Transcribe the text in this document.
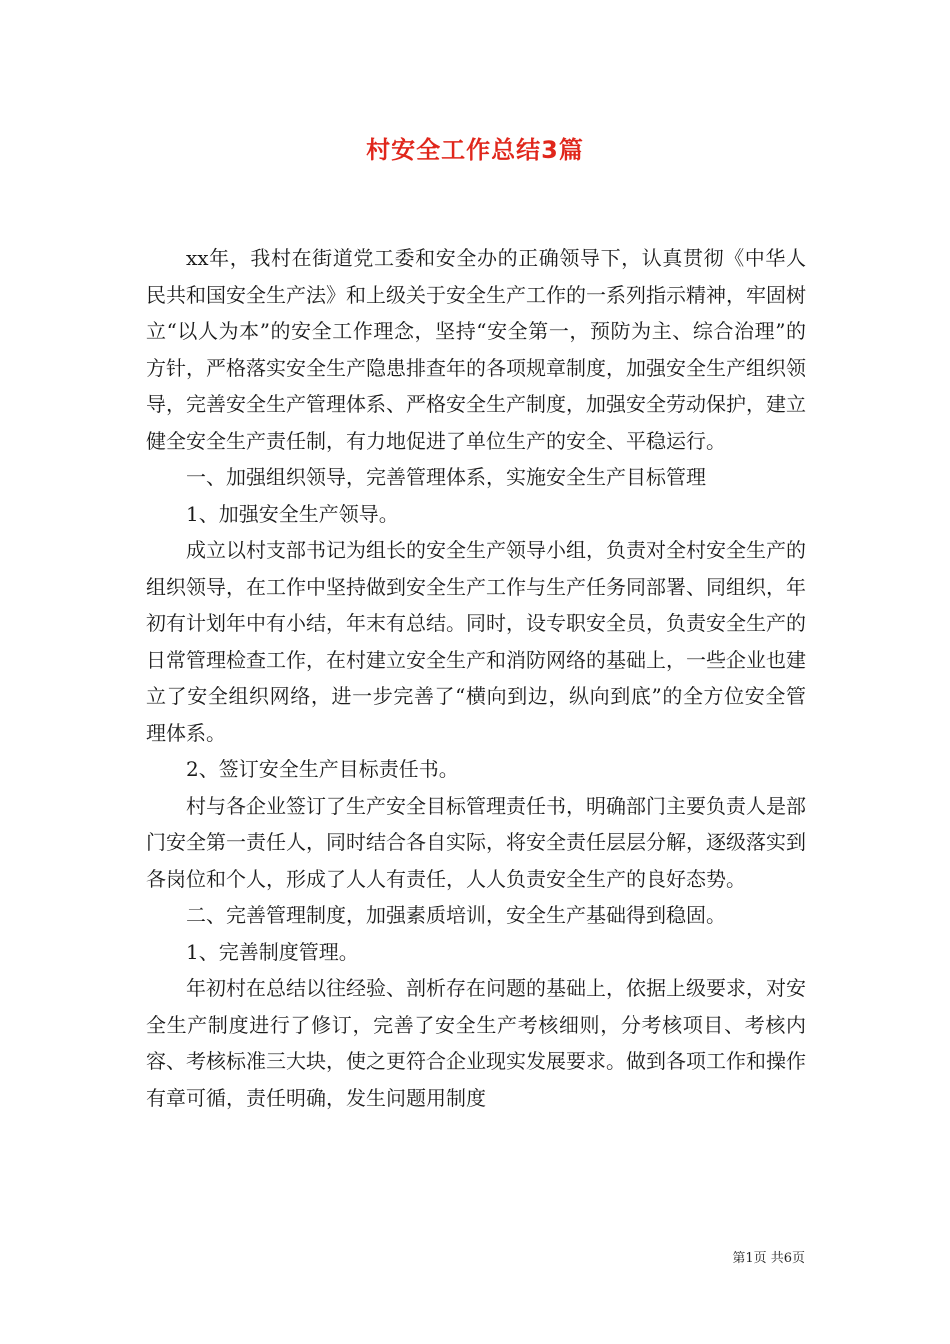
村安全工作总结3篇

xx年，我村在街道党工委和安全办的正确领导下，认真贯彻《中华人民共和国安全生产法》和上级关于安全生产工作的一系列指示精神，牢固树立“以人为本”的安全工作理念，坚持“安全第一，预防为主、综合治理”的方针，严格落实安全生产隐患排查年的各项规章制度，加强安全生产组织领导，完善安全生产管理体系、严格安全生产制度，加强安全劳动保护，建立健全安全生产责任制，有力地促进了单位生产的安全、平稳运行。

一、加强组织领导，完善管理体系，实施安全生产目标管理

1、加强安全生产领导。

成立以村支部书记为组长的安全生产领导小组，负责对全村安全生产的组织领导，在工作中坚持做到安全生产工作与生产任务同部署、同组织，年初有计划年中有小结，年末有总结。同时，设专职安全员，负责安全生产的日常管理检查工作，在村建立安全生产和消防网络的基础上，一些企业也建立了安全组织网络，进一步完善了“横向到边，纵向到底”的全方位安全管理体系。

2、签订安全生产目标责任书。

村与各企业签订了生产安全目标管理责任书，明确部门主要负责人是部门安全第一责任人，同时结合各自实际，将安全责任层层分解，逐级落实到各岗位和个人，形成了人人有责任，人人负责安全生产的良好态势。

二、完善管理制度，加强素质培训，安全生产基础得到稳固。

1、完善制度管理。

年初村在总结以往经验、剖析存在问题的基础上，依据上级要求，对安全生产制度进行了修订，完善了安全生产考核细则，分考核项目、考核内容、考核标准三大块，使之更符合企业现实发展要求。做到各项工作和操作有章可循，责任明确，发生问题用制度

第1页 共6页
